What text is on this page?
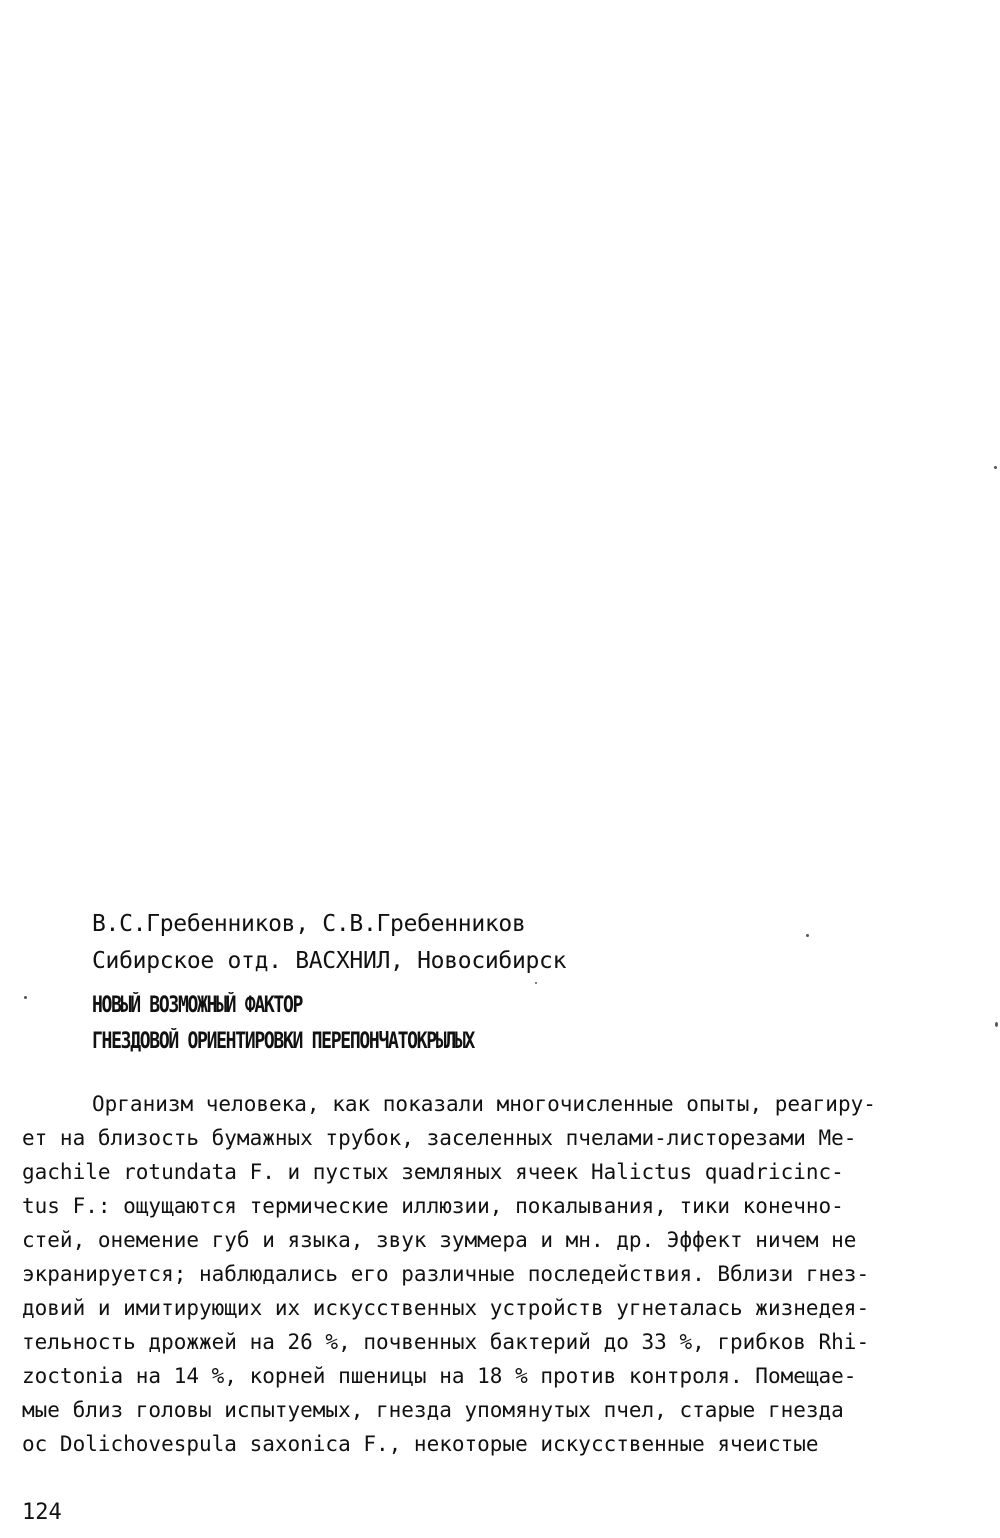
В.С.Гребенников, С.В.Гребенников
Сибирское отд. ВАСХНИЛ, Новосибирск
НОВЫЙ ВОЗМОЖНЫЙ ФАКТОР
ГНЕЗДОВОЙ ОРИЕНТИРОВКИ ПЕРЕПОНЧАТОКРЫЛЫХ
Организм человека, как показали многочисленные опыты, реагиру-
ет на близость бумажных трубок, заселенных пчелами-листорезами Me-
gachile rotundata F. и пустых земляных ячеек Halictus quadricinc-
tus F.: ощущаются термические иллюзии, покалывания, тики конечно-
стей, онемение губ и языка, звук зуммера и мн. др. Эффект ничем не
экранируется; наблюдались его различные последействия. Вблизи гнез-
довий и имитирующих их искусственных устройств угнеталась жизнедея-
тельность дрожжей на 26 %, почвенных бактерий до 33 %, грибков Rhi-
zoctonia на 14 %, корней пшеницы на 18 % против контроля. Помещае-
мые близ головы испытуемых, гнезда упомянутых пчел, старые гнезда
ос Dolichovespula saxonica F., некоторые искусственные ячеистые
124
